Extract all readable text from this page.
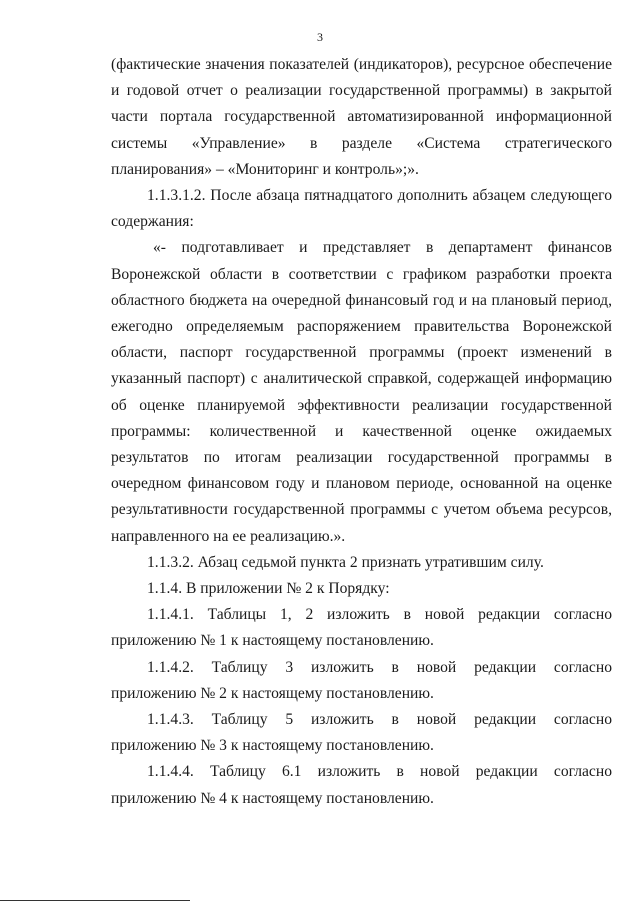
3

(фактические значения показателей (индикаторов), ресурсное обеспечение и годовой отчет о реализации государственной программы) в закрытой части портала государственной автоматизированной информационной системы «Управление» в разделе «Система стратегического планирования» – «Мониторинг и контроль»;».

1.1.3.1.2. После абзаца пятнадцатого дополнить абзацем следующего содержания:

«- подготавливает и представляет в департамент финансов Воронежской области в соответствии с графиком разработки проекта областного бюджета на очередной финансовый год и на плановый период, ежегодно определяемым распоряжением правительства Воронежской области, паспорт государственной программы (проект изменений в указанный паспорт) с аналитической справкой, содержащей информацию об оценке планируемой эффективности реализации государственной программы: количественной и качественной оценке ожидаемых результатов по итогам реализации государственной программы в очередном финансовом году и плановом периоде, основанной на оценке результативности государственной программы с учетом объема ресурсов, направленного на ее реализацию.».

1.1.3.2. Абзац седьмой пункта 2 признать утратившим силу.

1.1.4. В приложении № 2 к Порядку:

1.1.4.1. Таблицы 1, 2 изложить в новой редакции согласно
приложению № 1 к настоящему постановлению.
1.1.4.2. Таблицу 3 изложить в новой редакции согласно
приложению № 2 к настоящему постановлению.
1.1.4.3. Таблицу 5 изложить в новой редакции согласно
приложению № 3 к настоящему постановлению.
1.1.4.4. Таблицу 6.1 изложить в новой редакции согласно
приложению № 4 к настоящему постановлению.
